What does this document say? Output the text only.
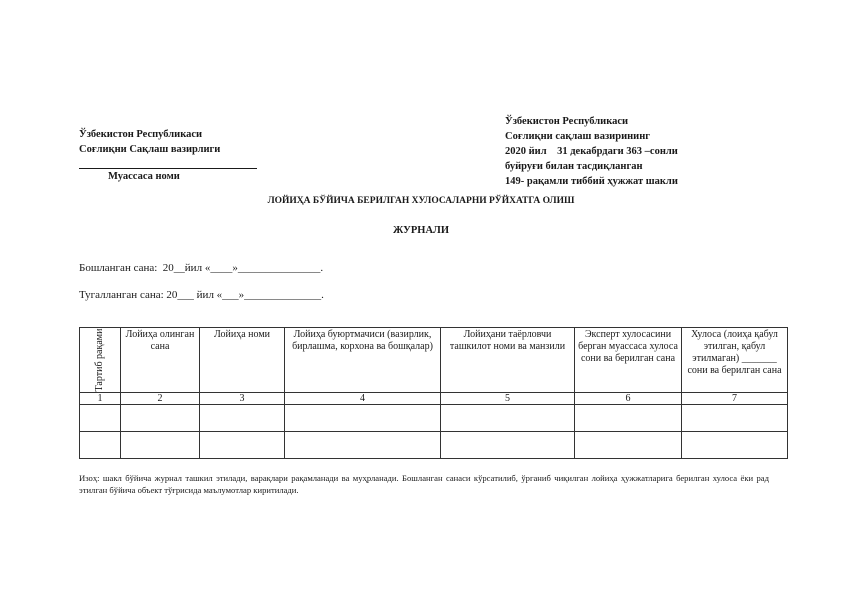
Ўзбекистон Республикаси
Соғлиқни Сақлаш вазирлиги
Муассаса номи
Ўзбекистон Республикаси
Соғлиқни сақлаш вазирининг
2020 йил    31 декабрдаги 363 –сонли
буйруғи билан тасдиқланган
149- рақамли тиббий ҳужжат шакли
ЛОЙИҲА БЎЙИЧА БЕРИЛГАН ХУЛОСАЛАРНИ РЎЙХАТГА ОЛИШ
ЖУРНАЛИ
Бошланган сана:  20__йил «____»_______________.
Тугалланган сана: 20___ йил «___»______________.
Тартиб рақами	Лойиҳа олинган сана	Лойиҳа номи	Лойиҳа буюртмачиси (вазирлик, бирлашма, корхона ва бошқалар)	Лойиҳани таёрловчи ташкилот номи ва манзили	Эксперт хулосасини берган муассаса хулоса сони ва берилган сана	Хулоса (лоиҳа қабул этилган, қабул этилмаган) _______ сони ва берилган сана
1	2	3	4	5	6	7

Изоҳ: шакл бўйича журнал ташкил этилади, варақлари рақамланади ва муҳрланади. Бошланган санаси кўрсатилиб, ўрганиб чиқилган лойиҳа ҳужжатларига берилган хулоса ёки рад этилган бўйича объект тўғрисида маълумотлар киритилади.
